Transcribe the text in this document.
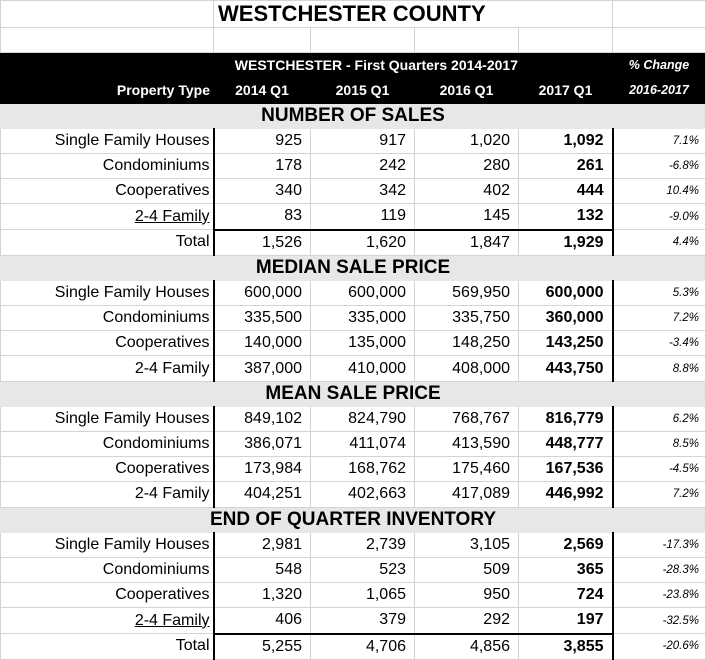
	WESTCHESTER COUNTY				

	WESTCHESTER - First Quarters 2014-2017				% Change
Property Type	2014 Q1	2015 Q1	2016 Q1	2017 Q1	2016-2017
NUMBER OF SALES					
Single Family Houses	925	917	1,020	1,092	7.1%
Condominiums	178	242	280	261	-6.8%
Cooperatives	340	342	402	444	10.4%
2-4 Family	83	119	145	132	-9.0%
Total	1,526	1,620	1,847	1,929	4.4%
MEDIAN SALE PRICE					
Single Family Houses	600,000	600,000	569,950	600,000	5.3%
Condominiums	335,500	335,000	335,750	360,000	7.2%
Cooperatives	140,000	135,000	148,250	143,250	-3.4%
2-4 Family	387,000	410,000	408,000	443,750	8.8%
MEAN SALE PRICE					
Single Family Houses	849,102	824,790	768,767	816,779	6.2%
Condominiums	386,071	411,074	413,590	448,777	8.5%
Cooperatives	173,984	168,762	175,460	167,536	-4.5%
2-4 Family	404,251	402,663	417,089	446,992	7.2%
END OF QUARTER INVENTORY					
Single Family Houses	2,981	2,739	3,105	2,569	-17.3%
Condominiums	548	523	509	365	-28.3%
Cooperatives	1,320	1,065	950	724	-23.8%
2-4 Family	406	379	292	197	-32.5%
Total	5,255	4,706	4,856	3,855	-20.6%
